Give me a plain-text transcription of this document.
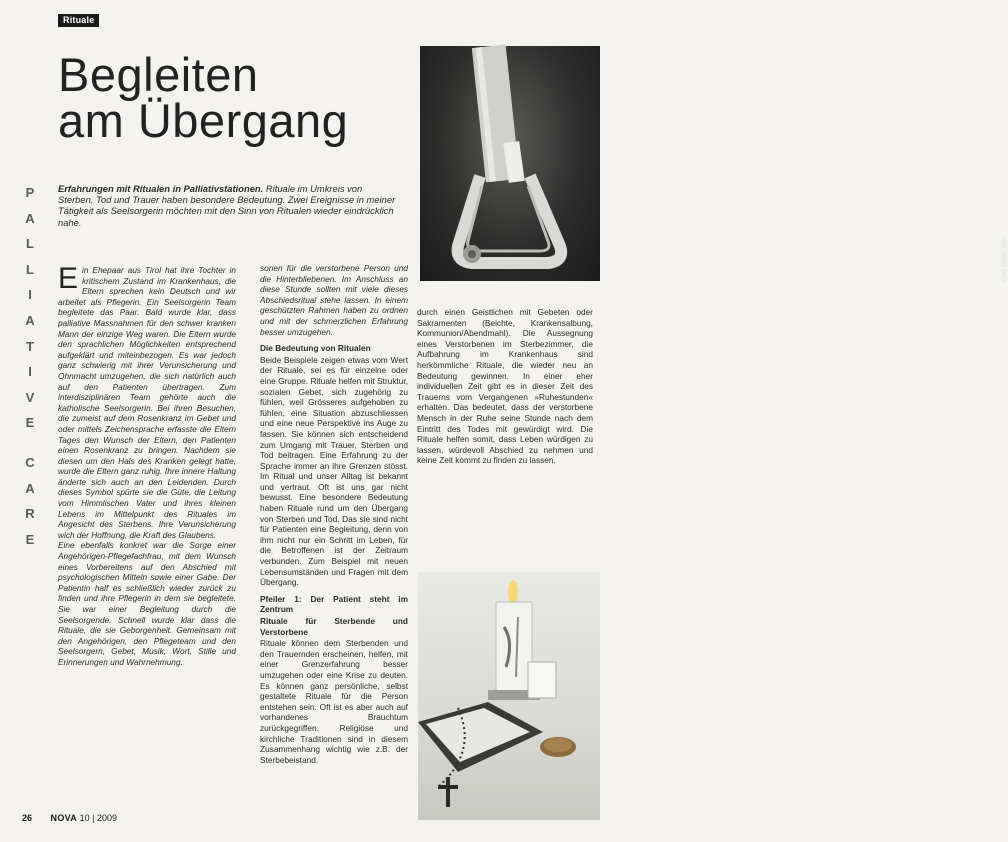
Rituale
Begleiten
am Übergang
Erfahrungen mit Ritualen in Palliativstationen. Rituale im Umkreis von Sterben, Tod und Trauer haben besondere Bedeutung. Zwei Ereignisse in meiner Tätigkeit als Seelsorgerin möchten mit den Sinn von Ritualen wieder eindrücklich nahe.
P
A
L
L
I
A
T
I
V
E
C
A
R
E
Foto: Dieter Jahn

Ein Ehepaar aus Tirol hat ihre Tochter in kritischem Zustand im Krankenhaus, die Eltern sprechen kein Deutsch und wir arbeitet als Pflegerin. Ein Seelsorgerin Team begleitete das Paar. Bald wurde klar, dass palliative Massnahmen für den schwer kranken Mann der einzige Weg waren. Die Eltern wurde den sprachlichen Möglichkeiten entsprechend aufgeklärt und miteinbezogen. Es war jedoch ganz schwierig mit ihrer Verunsicherung und Ohnmacht umzugehen, die sich natürlich auch auf den Patienten übertragen. Zum interdisziplinären Team gehörte auch die katholische Seelsorgerin. Bei ihren Besuchen, die zumeist auf dem Rosenkranz im Gebet und oder mittels Zeichensprache erfasste die Eltern Tages den Wunsch der Eltern, den Patienten einen Rosenkranz zu bringen. Nachdem sie diesen um den Hals des Kranken gelegt hatte, wurde die Eltern ganz ruhig. Ihre innere Haltung änderte sich auch an den Leidenden. Durch dieses Symbol spürte sie die Güte, die Leitung vom Himmlischen Vater und ihres kleinen Lebens im Mittelpunkt des Rituales im Angesicht des Sterbens. Ihre Verunsicherung wich der Hoffnung, die Kraft des Glaubens.

Eine ebenfalls konkret war die Sorge einer Angehörigen-Pflegefachfrau, mit dem Wunsch eines Vorbereitens auf den Abschied mit psychologischen Mitteln sowie einer Gabe. Der Patientin half es schließlich wieder zurück zu finden und ihre Pflegerin in dem sie begleitete. Sie war einer Begleitung durch die Seelsorgende. Schnell wurde klar dass die Rituale, die sie Geborgenheit. Gemeinsam mit den Angehörigen, den Pflegeteam und den Seelsorgern, Gebet, Musik, Wort, Stille und Erinnerungen und Wahrnehmung.

sonen für die verstorbene Person und die Hinterbliebenen. Im Anschluss an diese Stunde sollten mit viele dieses Abschiedsritual stehe lassen. In einem geschützten Rahmen haben zu ordnen und mit der schmerzlichen Erfahrung besser umzugehen.

Die Bedeutung von Ritualen

Beide Beispiele zeigen etwas vom Wert der Rituale, sei es für einzelne oder eine Gruppe. Rituale helfen mit Struktur, sozialen Gebet, sich zugehörig zu fühlen, weil Grösseres aufgehoben zu fühlen, eine Situation abzuschliessen und eine neue Perspektive ins Auge zu fassen. Sie können sich entscheidend zum Umgang mit Trauer, Sterben und Tod beitragen. Eine Erfahrung zu der Sprache immer an ihre Grenzen stösst. Im Ritual und unser Alltag ist bekannt und vertraut. Oft ist uns gar nicht bewusst. Eine besondere Bedeutung haben Rituale rund um den Übergang von Sterben und Tod. Das sie sind nicht für Patienten eine Begleitung, denn von ihm nicht nur ein Schritt im Leben, für die Betroffenen ist der Zeitraum verbunden. Zum Beispiel mit neuen Lebensumständen und Fragen mit dem Übergang.

Pfeiler 1: Der Patient steht im Zentrum
Rituale für Sterbende und Verstorbene

Rituale können dem Sterbenden und den Trauernden erscheinen, helfen, mit einer Grenzerfahrung besser umzugehen oder eine Krise zu deuten. Es können ganz persönliche, selbst gestaltete Rituale für die Person entstehen sein. Oft ist es aber auch auf vorhandenes Brauchtum zurückgegriffen. Religiöse und kirchliche Traditionen sind in diesem Zusammenhang wichtig wie z.B. der Sterbebeistand.

durch einen Geistlichen mit Gebeten oder Sakramenten (Beichte, Krankensalbung, Kommunion/Abendmahl). Die Aussegnung eines Verstorbenen im Sterbezimmer, die Aufbahrung im Krankenhaus sind herkömmliche Rituale, die wieder neu an Bedeutung gewinnen. In einer eher individuellen Zeit gibt es in dieser Zeit des Trauerns vom Vergangenen »Ruhestunden« erhalten. Das bedeutet, dass der verstorbene Mensch in der Ruhe seine Stunde nach dem Eintritt des Todes mit gewürdigt wird. Die Rituale helfen somit, dass Leben würdigen zu lassen, würdevoll Abschied zu nehmen und keine Zeit kommt zu finden zu lassen.

26 NOVA 10 | 2009
